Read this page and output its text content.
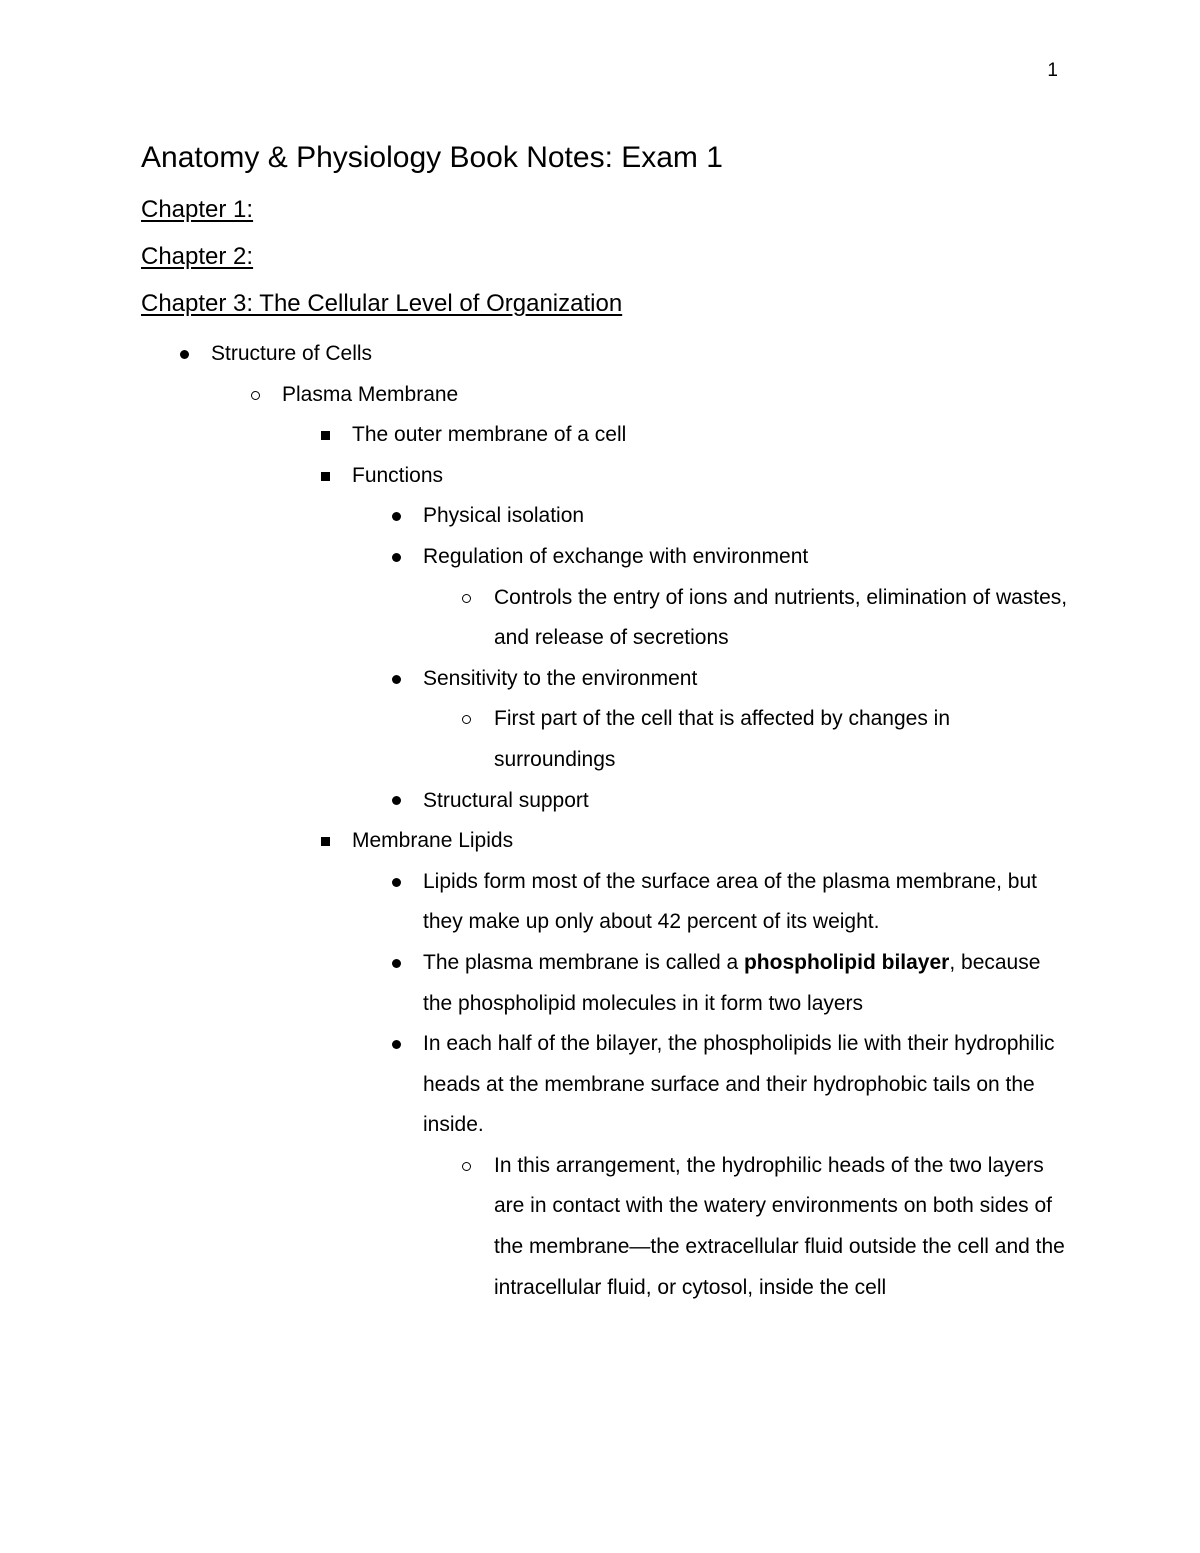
1
Anatomy & Physiology Book Notes: Exam 1
Chapter 1:
Chapter 2:
Chapter 3: The Cellular Level of Organization
Structure of Cells
Plasma Membrane
The outer membrane of a cell
Functions
Physical isolation
Regulation of exchange with environment
Controls the entry of ions and nutrients, elimination of wastes, and release of secretions
Sensitivity to the environment
First part of the cell that is affected by changes in surroundings
Structural support
Membrane Lipids
Lipids form most of the surface area of the plasma membrane, but they make up only about 42 percent of its weight.
The plasma membrane is called a phospholipid bilayer, because the phospholipid molecules in it form two layers
In each half of the bilayer, the phospholipids lie with their hydrophilic heads at the membrane surface and their hydrophobic tails on the inside.
In this arrangement, the hydrophilic heads of the two layers are in contact with the watery environments on both sides of the membrane—the extracellular fluid outside the cell and the intracellular fluid, or cytosol, inside the cell
